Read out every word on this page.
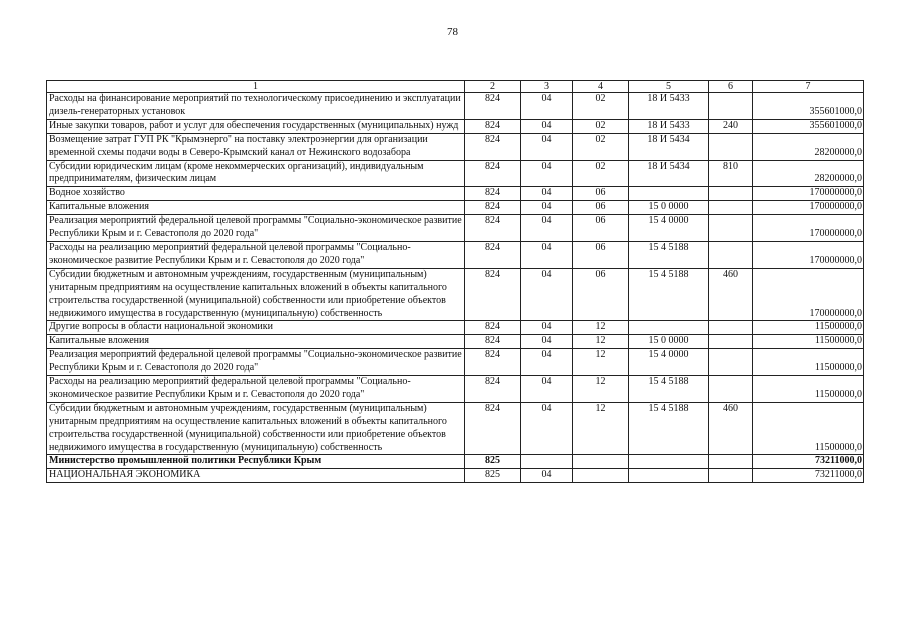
78
1	2	3	4	5	6	7
Расходы на финансирование мероприятий по технологическому присоединению и эксплуатации дизель-генераторных установок	824	04	02	18 И 5433		355601000,0
Иные закупки товаров, работ и услуг для обеспечения государственных (муниципальных) нужд	824	04	02	18 И 5433	240	355601000,0
Возмещение затрат ГУП РК "Крымэнерго" на поставку электроэнергии для организации временной схемы подачи воды в Северо-Крымский канал от Нежинского водозабора	824	04	02	18 И 5434		28200000,0
Субсидии юридическим лицам (кроме некоммерческих организаций), индивидуальным предпринимателям, физическим лицам	824	04	02	18 И 5434	810	28200000,0
Водное хозяйство	824	04	06			170000000,0
Капитальные вложения	824	04	06	15 0 0000		170000000,0
Реализация мероприятий федеральной целевой программы "Социально-экономическое развитие Республики Крым и г. Севастополя до 2020 года"	824	04	06	15 4 0000		170000000,0
Расходы на реализацию мероприятий федеральной целевой программы "Социально-экономическое развитие Республики Крым и г. Севастополя до 2020 года"	824	04	06	15 4 5188		170000000,0
Субсидии бюджетным и автономным учреждениям, государственным (муниципальным) унитарным предприятиям на осуществление капитальных вложений в объекты капитального строительства государственной (муниципальной) собственности или приобретение объектов недвижимого имущества в государственную (муниципальную) собственность	824	04	06	15 4 5188	460	170000000,0
Другие вопросы в области национальной экономики	824	04	12			11500000,0
Капитальные вложения	824	04	12	15 0 0000		11500000,0
Реализация мероприятий федеральной целевой программы "Социально-экономическое развитие Республики Крым и г. Севастополя до 2020 года"	824	04	12	15 4 0000		11500000,0
Расходы на реализацию мероприятий федеральной целевой программы "Социально-экономическое развитие Республики Крым и г. Севастополя до 2020 года"	824	04	12	15 4 5188		11500000,0
Субсидии бюджетным и автономным учреждениям, государственным (муниципальным) унитарным предприятиям на осуществление капитальных вложений в объекты капитального строительства государственной (муниципальной) собственности или приобретение объектов недвижимого имущества в государственную (муниципальную) собственность	824	04	12	15 4 5188	460	11500000,0
Министерство промышленной политики Республики Крым	825					73211000,0
НАЦИОНАЛЬНАЯ ЭКОНОМИКА	825	04				73211000,0
